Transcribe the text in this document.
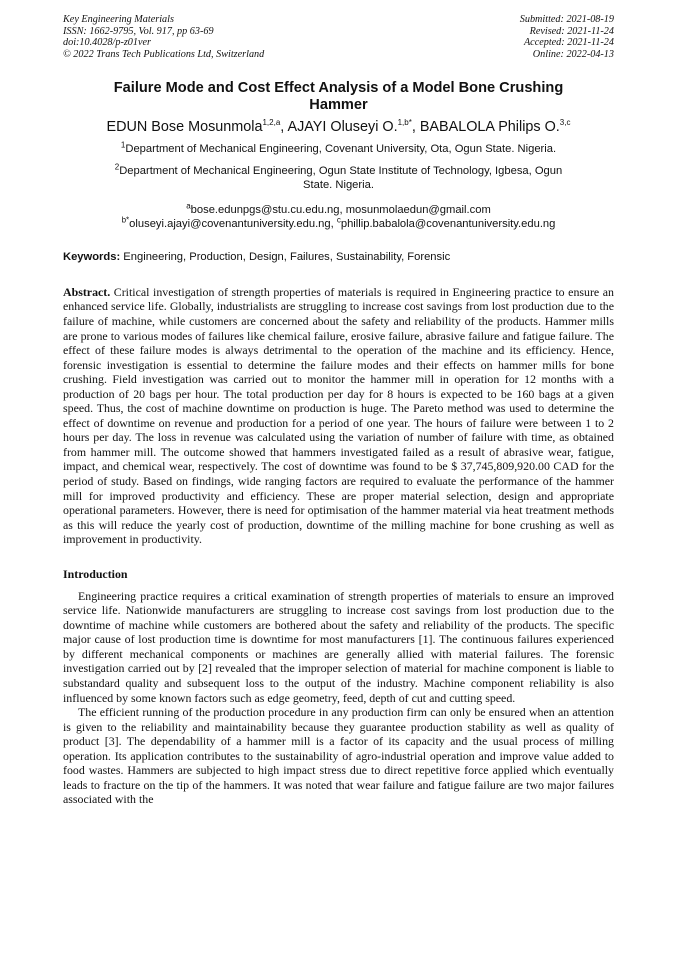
Key Engineering Materials
ISSN: 1662-9795, Vol. 917, pp 63-69
doi:10.4028/p-z01ver
© 2022 Trans Tech Publications Ltd, Switzerland
Submitted: 2021-08-19
Revised: 2021-11-24
Accepted: 2021-11-24
Online: 2022-04-13
Failure Mode and Cost Effect Analysis of a Model Bone Crushing Hammer
EDUN Bose Mosunmola$^{1,2,a}$, AJAYI Oluseyi O.$^{1,b*}$, BABALOLA Philips O.$^{3,c}$
$^1$Department of Mechanical Engineering, Covenant University, Ota, Ogun State. Nigeria.
$^2$Department of Mechanical Engineering, Ogun State Institute of Technology, Igbesa, Ogun State. Nigeria.
$^a$bose.edunpgs@stu.cu.edu.ng, mosunmolaedun@gmail.com
$^{b*}$oluseyi.ajayi@covenantuniversity.edu.ng, $^c$phillip.babalola@covenantuniversity.edu.ng
Keywords: Engineering, Production, Design, Failures, Sustainability, Forensic
Abstract. Critical investigation of strength properties of materials is required in Engineering practice to ensure an enhanced service life. Globally, industrialists are struggling to increase cost savings from lost production due to the failure of machine, while customers are concerned about the safety and reliability of the products. Hammer mills are prone to various modes of failures like chemical failure, erosive failure, abrasive failure and fatigue failure. The effect of these failure modes is always detrimental to the operation of the machine and its efficiency. Hence, forensic investigation is essential to determine the failure modes and their effects on hammer mills for bone crushing. Field investigation was carried out to monitor the hammer mill in operation for 12 months with a production of 20 bags per hour. The total production per day for 8 hours is expected to be 160 bags at a given speed. Thus, the cost of machine downtime on production is huge. The Pareto method was used to determine the effect of downtime on revenue and production for a period of one year. The hours of failure were between 1 to 2 hours per day. The loss in revenue was calculated using the variation of number of failure with time, as obtained from hammer mill. The outcome showed that hammers investigated failed as a result of abrasive wear, fatigue, impact, and chemical wear, respectively. The cost of downtime was found to be $ 37,745,809,920.00 CAD for the period of study. Based on findings, wide ranging factors are required to evaluate the performance of the hammer mill for improved productivity and efficiency. These are proper material selection, design and appropriate operational parameters. However, there is need for optimisation of the hammer material via heat treatment methods as this will reduce the yearly cost of production, downtime of the milling machine for bone crushing as well as improvement in productivity.
Introduction
Engineering practice requires a critical examination of strength properties of materials to ensure an improved service life. Nationwide manufacturers are struggling to increase cost savings from lost production due to the downtime of machine while customers are bothered about the safety and reliability of the products. The specific major cause of lost production time is downtime for most manufacturers [1]. The continuous failures experienced by different mechanical components or machines are generally allied with material failures. The forensic investigation carried out by [2] revealed that the improper selection of material for machine component is liable to substandard quality and subsequent loss to the output of the industry. Machine component reliability is also influenced by some known factors such as edge geometry, feed, depth of cut and cutting speed.
The efficient running of the production procedure in any production firm can only be ensured when an attention is given to the reliability and maintainability because they guarantee production stability as well as quality of product [3]. The dependability of a hammer mill is a factor of its capacity and the usual process of milling operation. Its application contributes to the sustainability of agro-industrial operation and improve value added to food wastes. Hammers are subjected to high impact stress due to direct repetitive force applied which eventually leads to fracture on the tip of the hammers. It was noted that wear failure and fatigue failure are two major failures associated with the
